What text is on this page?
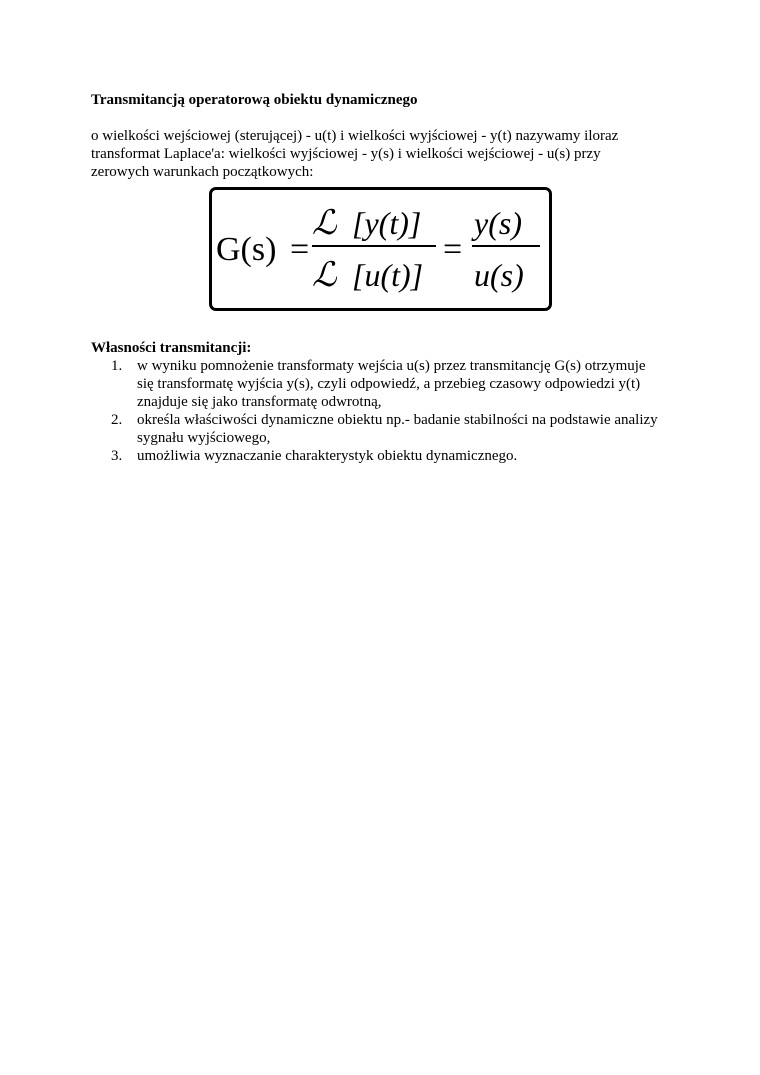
Transmitancją operatorową obiektu dynamicznego
o wielkości wejściowej (sterującej) - u(t) i wielkości wyjściowej - y(t) nazywamy iloraz
transformat Laplace'a: wielkości wyjściowej - y(s) i wielkości wejściowej - u(s) przy
zerowych warunkach początkowych:
G(s) =
ℒ [y(t)]
ℒ [u(t)]
=
y(s)
u(s)
Własności transmitancji:
1. w wyniku pomnożenie transformaty wejścia u(s) przez transmitancję G(s) otrzymuje
się transformatę wyjścia y(s), czyli odpowiedź, a przebieg czasowy odpowiedzi y(t)
znajduje się jako transformatę odwrotną,
2. określa właściwości dynamiczne obiektu np.- badanie stabilności na podstawie analizy
sygnału wyjściowego,
3. umożliwia wyznaczanie charakterystyk obiektu dynamicznego.
